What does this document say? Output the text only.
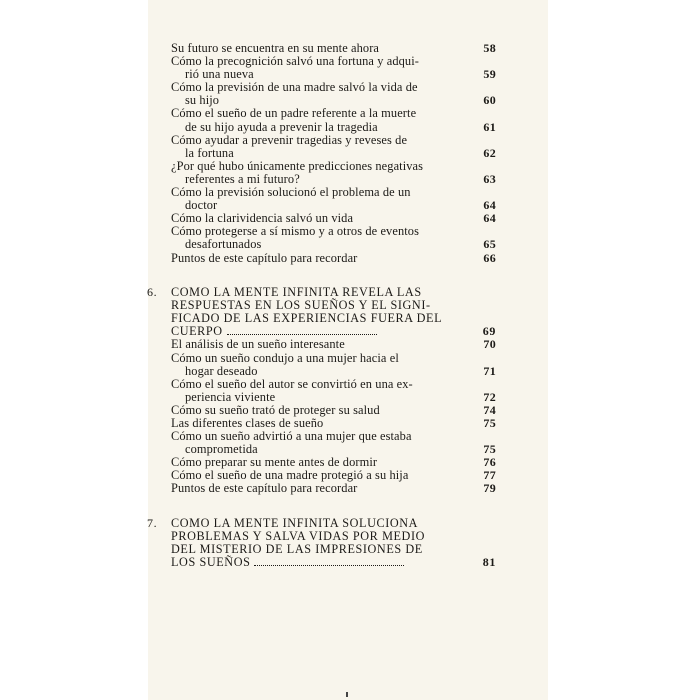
Su futuro se encuentra en su mente ahora	58
Cómo la precognición salvó una fortuna y adqui-
rió una nueva	59
Cómo la previsión de una madre salvó la vida de
su hijo	60
Cómo el sueño de un padre referente a la muerte
de su hijo ayuda a prevenir la tragedia	61
Cómo ayudar a prevenir tragedias y reveses de
la fortuna	62
¿Por qué hubo únicamente predicciones negativas
referentes a mi futuro?	63
Cómo la previsión solucionó el problema de un
doctor	64
Cómo la clarividencia salvó un vida	64
Cómo protegerse a sí mismo y a otros de eventos
desafortunados	65
Puntos de este capítulo para recordar	66
6. COMO LA MENTE INFINITA REVELA LAS
RESPUESTAS EN LOS SUEÑOS Y EL SIGNI-
FICADO DE LAS EXPERIENCIAS FUERA DEL
CUERPO	69
El análisis de un sueño interesante	70
Cómo un sueño condujo a una mujer hacia el
hogar deseado	71
Cómo el sueño del autor se convirtió en una ex-
periencia viviente	72
Cómo su sueño trató de proteger su salud	74
Las diferentes clases de sueño	75
Cómo un sueño advirtió a una mujer que estaba
comprometida	75
Cómo preparar su mente antes de dormir	76
Cómo el sueño de una madre protegió a su hija	77
Puntos de este capítulo para recordar	79
7. COMO LA MENTE INFINITA SOLUCIONA
PROBLEMAS Y SALVA VIDAS POR MEDIO
DEL MISTERIO DE LAS IMPRESIONES DE
LOS SUEÑOS	81
